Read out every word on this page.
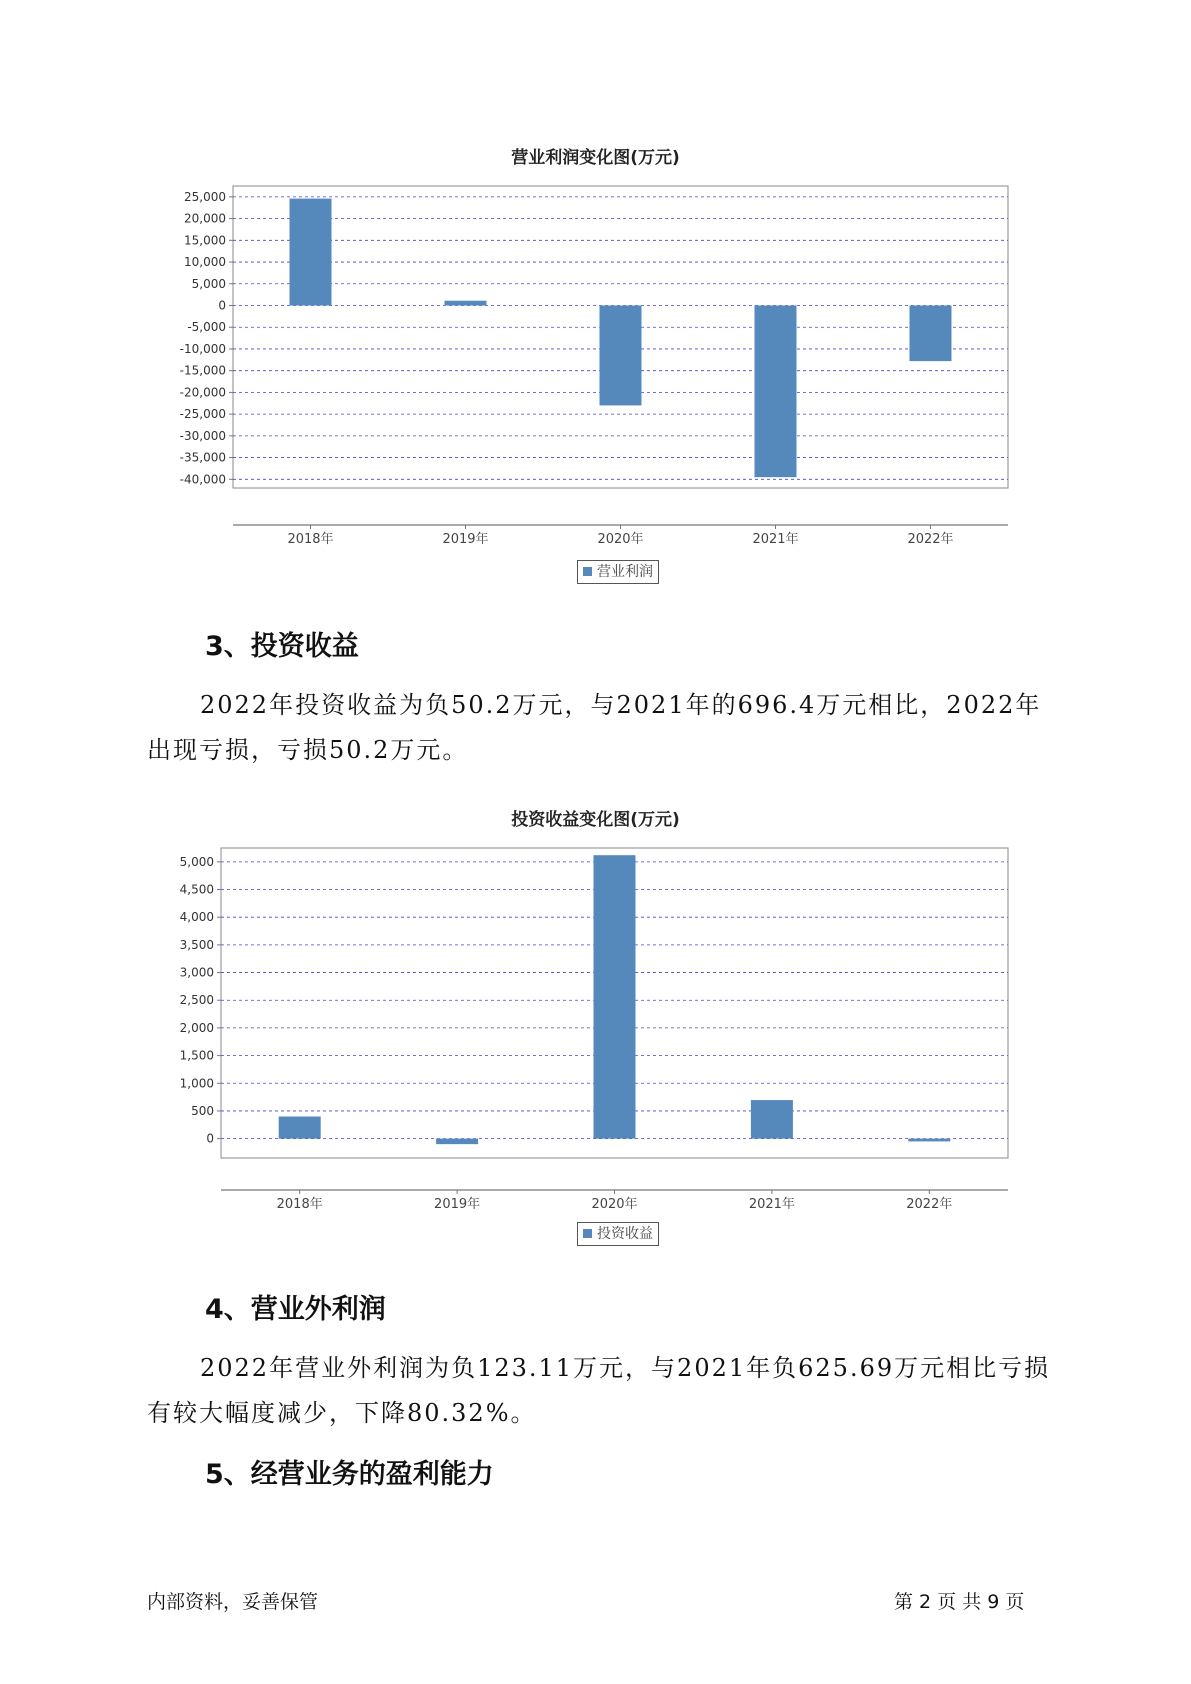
营业利润变化图(万元)
25,000
20,000
15,000
10,000
5,000
0
-5,000
-10,000
-15,000
-20,000
-25,000
-30,000
-35,000
-40,000
2018年	2019年	2020年	2021年	2022年
营业利润
3、投资收益
2022年投资收益为负50.2万元，与2021年的696.4万元相比，2022年出现亏损，亏损50.2万元。
投资收益变化图(万元)
5,000
4,500
4,000
3,500
3,000
2,500
2,000
1,500
1,000
500
0
2018年	2019年	2020年	2021年	2022年
投资收益
4、营业外利润
2022年营业外利润为负123.11万元，与2021年负625.69万元相比亏损有较大幅度减少，下降80.32%。
5、经营业务的盈利能力
内部资料，妥善保管	第 2 页 共 9 页
